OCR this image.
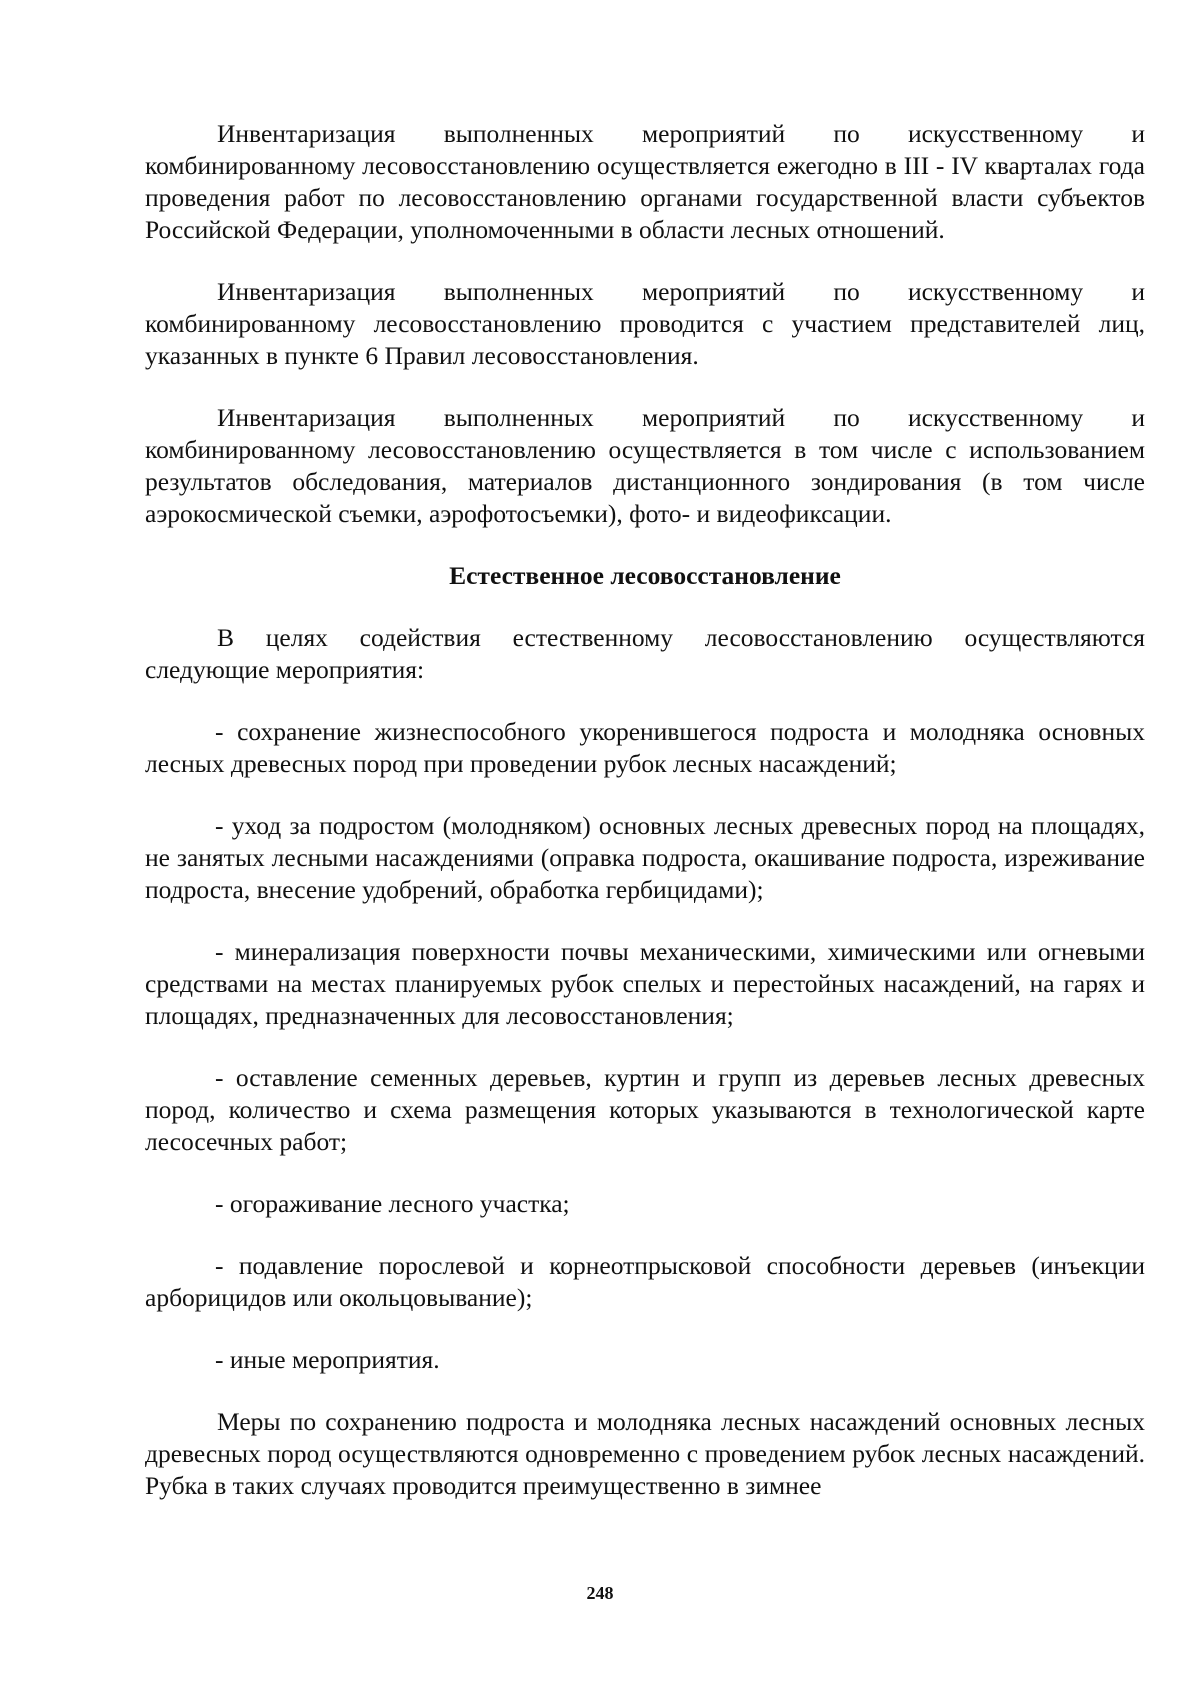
Инвентаризация выполненных мероприятий по искусственному и комбинированному лесовосстановлению осуществляется ежегодно в III - IV кварталах года проведения работ по лесовосстановлению органами государственной власти субъектов Российской Федерации, уполномоченными в области лесных отношений.

Инвентаризация выполненных мероприятий по искусственному и комбинированному лесовосстановлению проводится с участием представителей лиц, указанных в пункте 6 Правил лесовосстановления.

Инвентаризация выполненных мероприятий по искусственному и комбинированному лесовосстановлению осуществляется в том числе с использованием результатов обследования, материалов дистанционного зондирования (в том числе аэрокосмической съемки, аэрофотосъемки), фото- и видеофиксации.

Естественное лесовосстановление

В целях содействия естественному лесовосстановлению осуществляются следующие мероприятия:

- сохранение жизнеспособного укоренившегося подроста и молодняка основных лесных древесных пород при проведении рубок лесных насаждений;

- уход за подростом (молодняком) основных лесных древесных пород на площадях, не занятых лесными насаждениями (оправка подроста, окашивание подроста, изреживание подроста, внесение удобрений, обработка гербицидами);

- минерализация поверхности почвы механическими, химическими или огневыми средствами на местах планируемых рубок спелых и перестойных насаждений, на гарях и площадях, предназначенных для лесовосстановления;

- оставление семенных деревьев, куртин и групп из деревьев лесных древесных пород, количество и схема размещения которых указываются в технологической карте лесосечных работ;

- огораживание лесного участка;

- подавление порослевой и корнеотпрысковой способности деревьев (инъекции арборицидов или окольцовывание);

- иные мероприятия.

Меры по сохранению подроста и молодняка лесных насаждений основных лесных древесных пород осуществляются одновременно с проведением рубок лесных насаждений. Рубка в таких случаях проводится преимущественно в зимнее

248
